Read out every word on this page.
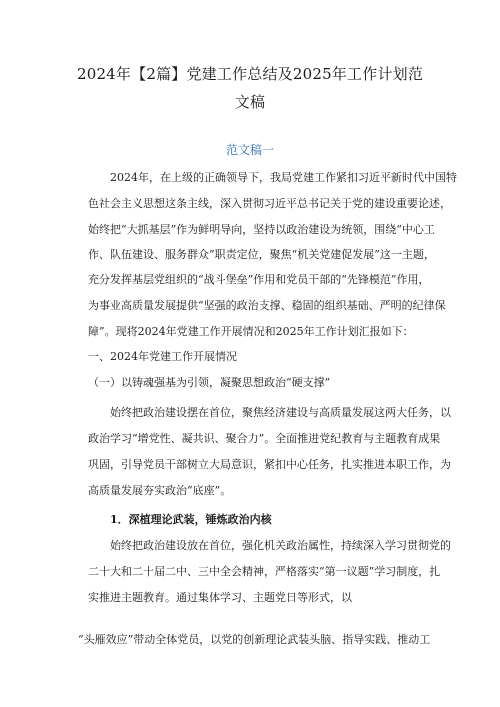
2024年【2篇】党建工作总结及2025年工作计划范
文稿
范文稿一
2024年，在上级的正确领导下，我局党建工作紧扣习近平新时代中国特
色社会主义思想这条主线，深入贯彻习近平总书记关于党的建设重要论述，
始终把“大抓基层”作为鲜明导向，坚持以政治建设为统领，围绕“中心工
作、队伍建设、服务群众”职责定位，聚焦“机关党建促发展”这一主题，
充分发挥基层党组织的“战斗堡垒”作用和党员干部的“先锋模范”作用，
为事业高质量发展提供“坚强的政治支撑、稳固的组织基础、严明的纪律保
障”。现将2024年党建工作开展情况和2025年工作计划汇报如下：
一、2024年党建工作开展情况
（一）以铸魂强基为引领，凝聚思想政治“硬支撑”
始终把政治建设摆在首位，聚焦经济建设与高质量发展这两大任务，以
政治学习“增党性、凝共识、聚合力”。全面推进党纪教育与主题教育成果
巩固，引导党员干部树立大局意识，紧扣中心任务，扎实推进本职工作，为
高质量发展夯实政治“底座”。
1．深植理论武装，锤炼政治内核
始终把政治建设放在首位，强化机关政治属性，持续深入学习贯彻党的
二十大和二十届二中、三中全会精神，严格落实“第一议题”学习制度，扎
实推进主题教育。通过集体学习、主题党日等形式，以
“头雁效应”带动全体党员，以党的创新理论武装头脑、指导实践、推动工
